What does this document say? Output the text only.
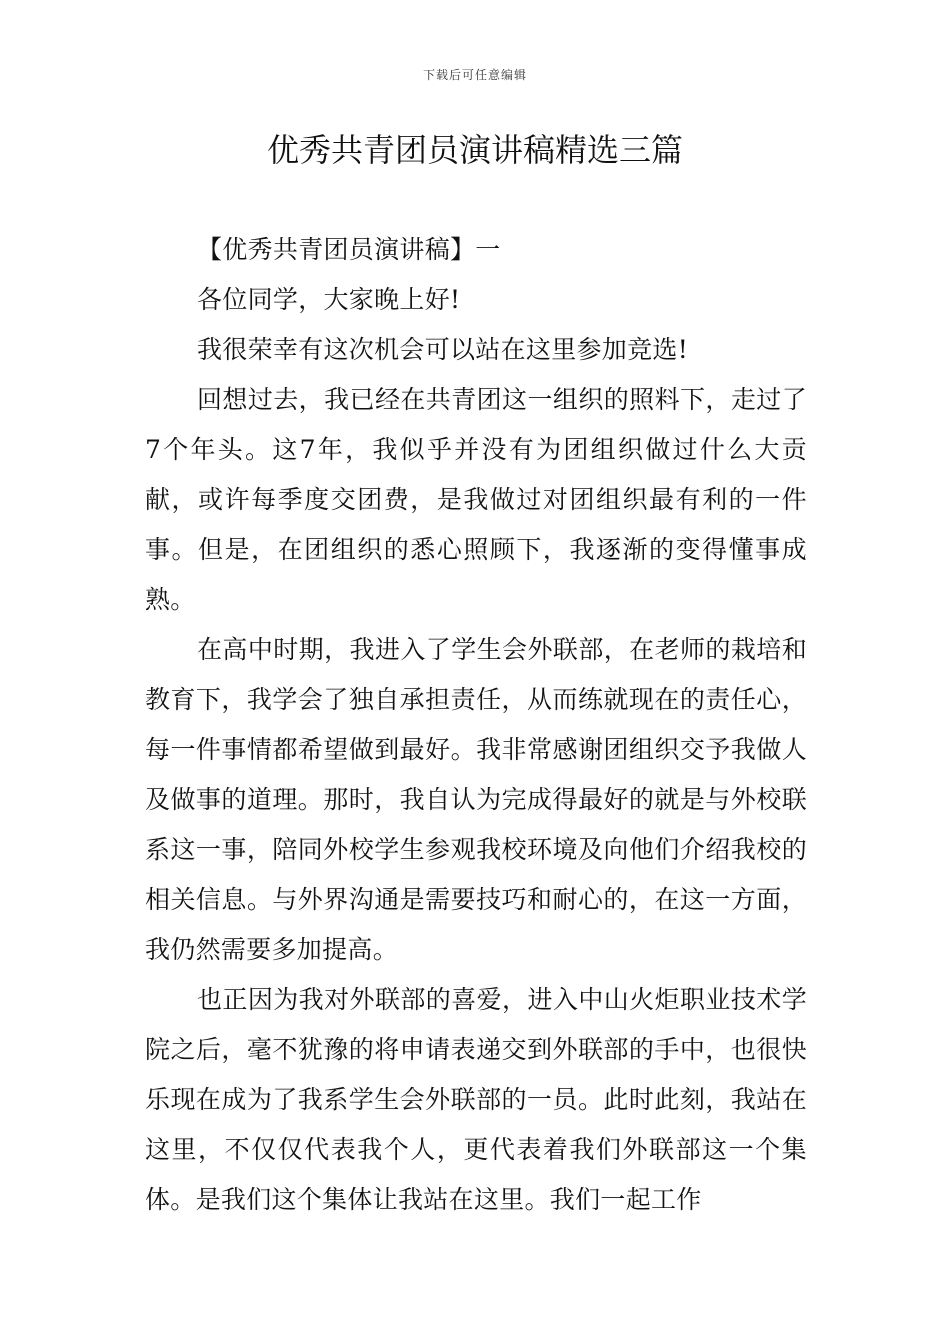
下载后可任意编辑
优秀共青团员演讲稿精选三篇

【优秀共青团员演讲稿】一

各位同学，大家晚上好!

我很荣幸有这次机会可以站在这里参加竞选!

回想过去，我已经在共青团这一组织的照料下，走过了7个年头。这7年，我似乎并没有为团组织做过什么大贡献，或许每季度交团费，是我做过对团组织最有利的一件事。但是，在团组织的悉心照顾下，我逐渐的变得懂事成熟。

在高中时期，我进入了学生会外联部，在老师的栽培和教育下，我学会了独自承担责任，从而练就现在的责任心，每一件事情都希望做到最好。我非常感谢团组织交予我做人及做事的道理。那时，我自认为完成得最好的就是与外校联系这一事，陪同外校学生参观我校环境及向他们介绍我校的相关信息。与外界沟通是需要技巧和耐心的，在这一方面，我仍然需要多加提高。

也正因为我对外联部的喜爱，进入中山火炬职业技术学院之后，毫不犹豫的将申请表递交到外联部的手中，也很快乐现在成为了我系学生会外联部的一员。此时此刻，我站在这里，不仅仅代表我个人，更代表着我们外联部这一个集体。是我们这个集体让我站在这里。我们一起工作
